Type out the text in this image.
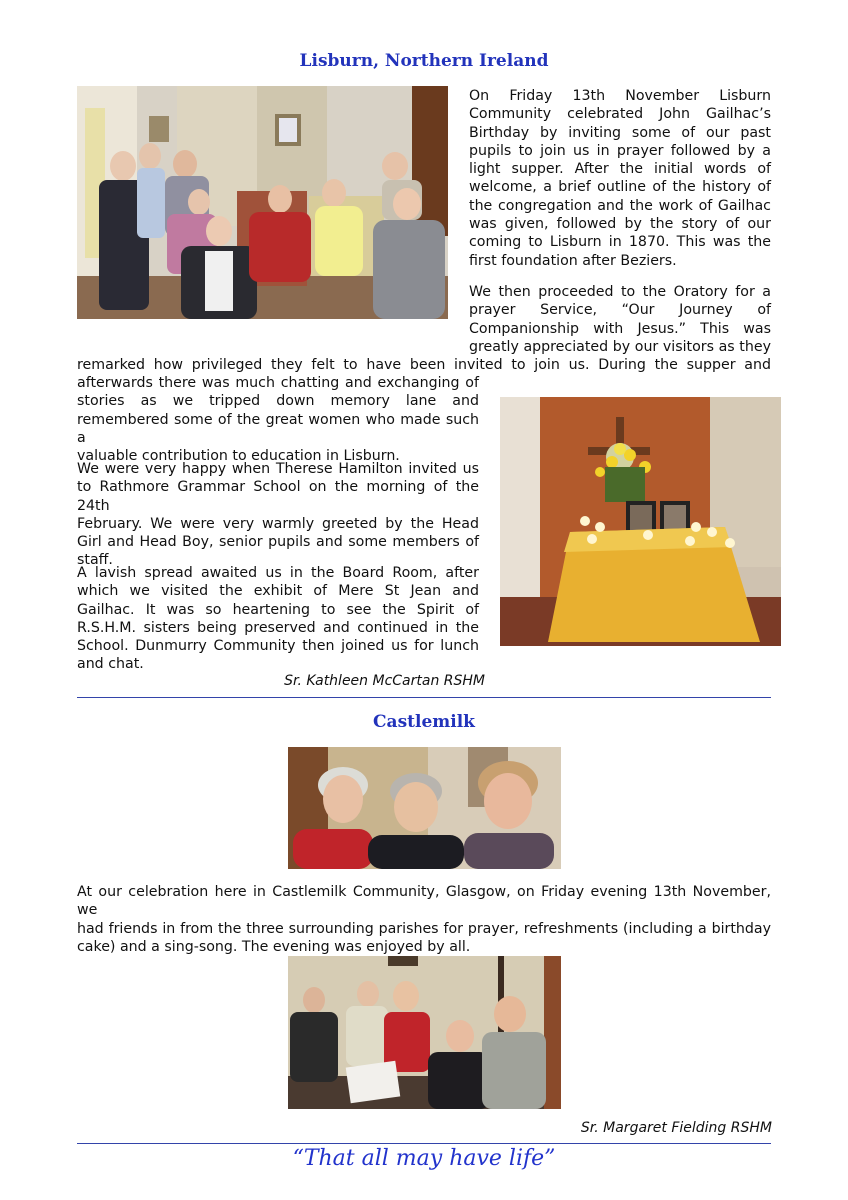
Lisburn, Northern Ireland
On Friday 13th November Lisburn
Community celebrated John Gailhac’s
Birthday by inviting some of our past
pupils to join us in prayer followed by a
light supper. After the initial words of
welcome, a brief outline of the history of
the congregation and the work of Gailhac
was given, followed by the story of our
coming to Lisburn in 1870. This was the
first foundation after Beziers.
We then proceeded to the Oratory for a
prayer Service, “Our Journey of
Companionship with Jesus.” This was
greatly appreciated by our visitors as they
remarked how privileged they felt to have been invited to join us. During the supper and
afterwards there was much chatting and exchanging of
stories as we tripped down memory lane and
remembered some of the great women who made such a
valuable contribution to education in Lisburn.
We were very happy when Therese Hamilton invited us
to Rathmore Grammar School on the morning of the 24th
February. We were very warmly greeted by the Head
Girl and Head Boy, senior pupils and some members of
staff.
A lavish spread awaited us in the Board Room, after
which we visited the exhibit of Mere St Jean and
Gailhac. It was so heartening to see the Spirit of
R.S.H.M. sisters being preserved and continued in the
School. Dunmurry Community then joined us for lunch
and chat.
Sr. Kathleen McCartan RSHM
Castlemilk
At our celebration here in Castlemilk Community, Glasgow, on Friday evening 13th November, we
had friends in from the three surrounding parishes for prayer, refreshments (including a birthday
cake) and a sing-song. The evening was enjoyed by all.
Sr. Margaret Fielding RSHM
“That all may have life”
